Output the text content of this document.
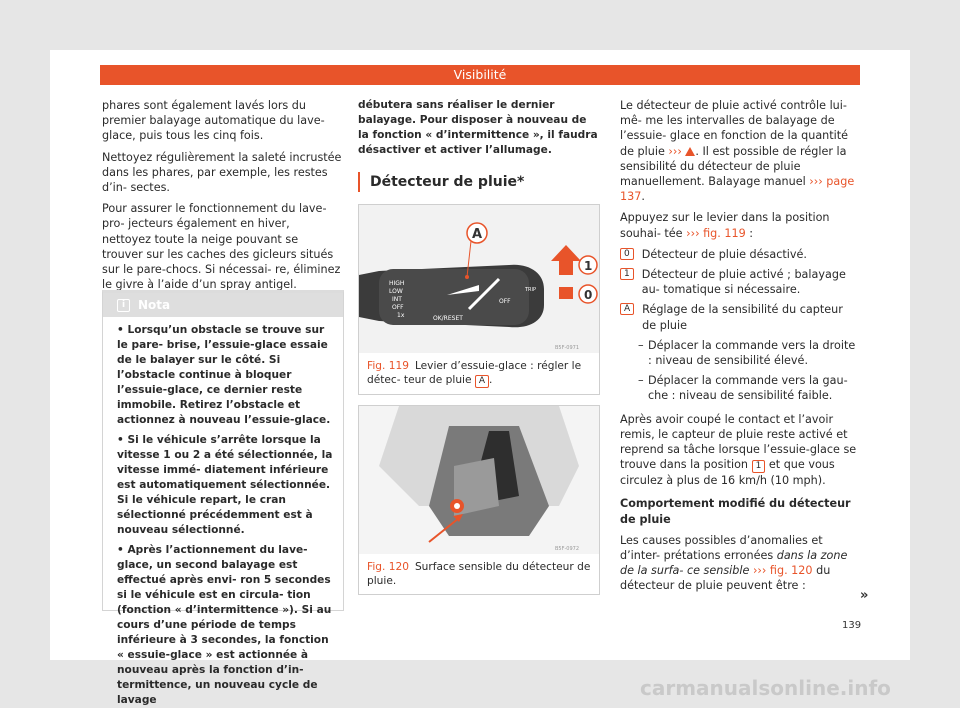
Visibilité

phares sont également lavés lors du premier balayage automatique du lave-glace, puis tous les cinq fois.

Nettoyez régulièrement la saleté incrustée dans les phares, par exemple, les restes d’in- sectes.

Pour assurer le fonctionnement du lave-pro- jecteurs également en hiver, nettoyez toute la neige pouvant se trouver sur les caches des gicleurs situés sur le pare-chocs. Si nécessai- re, éliminez le givre à l’aide d’un spray antigel.

i	Nota
• Lorsqu’un obstacle se trouve sur le pare- brise, l’essuie-glace essaie de le balayer sur le côté. Si l’obstacle continue à bloquer l’essuie-glace, ce dernier reste immobile. Retirez l’obstacle et actionnez à nouveau l’essuie-glace.
• Si le véhicule s’arrête lorsque la vitesse 1 ou 2 a été sélectionnée, la vitesse immé- diatement inférieure est automatiquement sélectionnée. Si le véhicule repart, le cran sélectionné précédemment est à nouveau sélectionné.
• Après l’actionnement du lave-glace, un second balayage est effectué après envi- ron 5 secondes si le véhicule est en circula- tion (fonction « d’intermittence »). Si au cours d’une période de temps inférieure à 3 secondes, la fonction « essuie-glace » est actionnée à nouveau après la fonction d’in- termittence, un nouveau cycle de lavage
débutera sans réaliser le dernier balayage. Pour disposer à nouveau de la fonction « d’intermittence », il faudra désactiver et activer l’allumage.
Détecteur de pluie*
HIGH
LOW
INT
OFF
1x	OK/RESET
OFF
TRIP
A
1
0
B5F-0971
Fig. 119 Levier d’essuie-glace : régler le détec- teur de pluie A .
B5F-0972
Fig. 120 Surface sensible du détecteur de pluie.

Le détecteur de pluie activé contrôle lui-mê- me les intervalles de balayage de l’essuie- glace en fonction de la quantité de pluie ››› . Il est possible de régler la sensibilité du détecteur de pluie manuellement. Balayage manuel ››› page 137.

Appuyez sur le levier dans la position souhai- tée ››› fig. 119 :

0	Détecteur de pluie désactivé.
1	Détecteur de pluie activé ; balayage au- tomatique si nécessaire.
A	Réglage de la sensibilité du capteur de pluie
– Déplacer la commande vers la droite : niveau de sensibilité élevé.
– Déplacer la commande vers la gau- che : niveau de sensibilité faible.

Après avoir coupé le contact et l’avoir remis, le capteur de pluie reste activé et reprend sa tâche lorsque l’essuie-glace se trouve dans la position 1 et que vous circulez à plus de 16 km/h (10 mph).

Comportement modifié du détecteur de pluie

Les causes possibles d’anomalies et d’inter- prétations erronées dans la zone de la surfa- ce sensible ››› fig. 120 du détecteur de pluie peuvent être :

»
139
carmanualsonline.info
